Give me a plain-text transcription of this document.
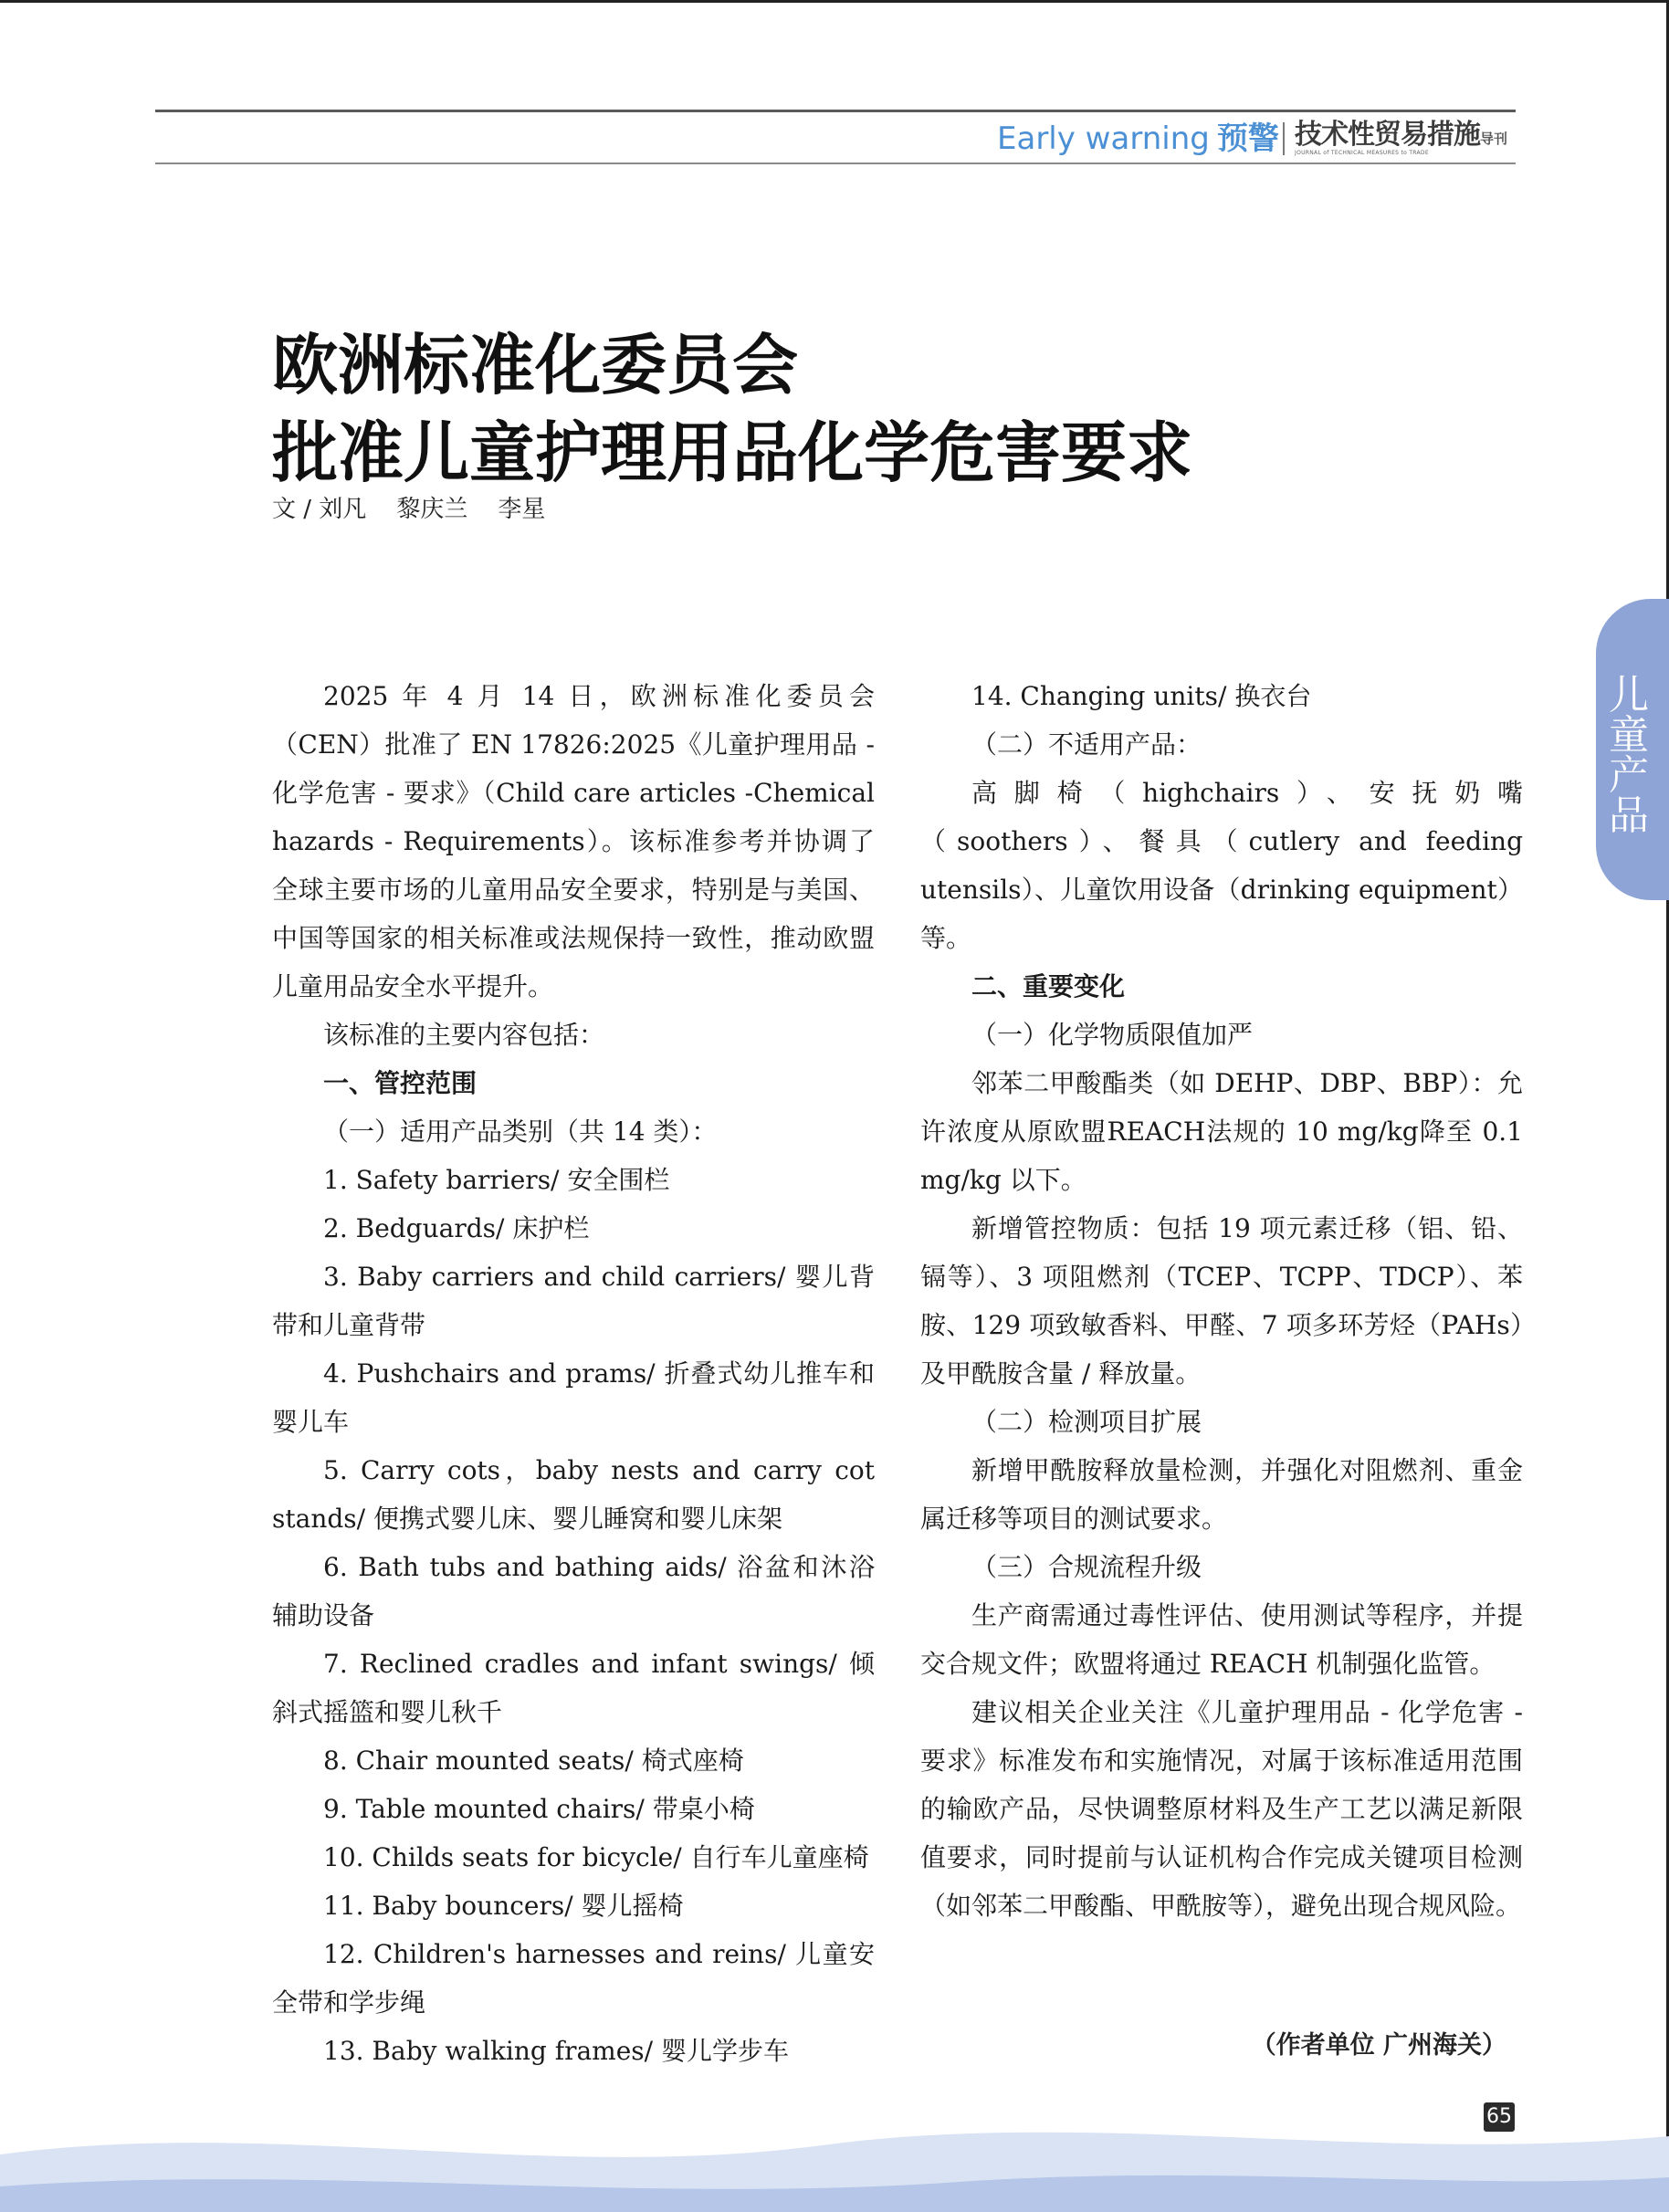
Early warning 预警 技术性贸易措施导刊
JOURNAL of TECHNICAL MEASURES to TRADE
欧洲标准化委员会
批准儿童护理用品化学危害要求
文 / 刘凡    黎庆兰    李星

2025 年 4 月 14 日，欧洲标准化委员会（CEN）批准了 EN 17826:2025《儿童护理用品 - 化学危害 - 要求》（Child care articles -Chemical hazards - Requirements）。该标准参考并协调了全球主要市场的儿童用品安全要求，特别是与美国、中国等国家的相关标准或法规保持一致性，推动欧盟儿童用品安全水平提升。

该标准的主要内容包括：

一、管控范围

（一）适用产品类别（共 14 类）：

1. Safety barriers/ 安全围栏

2. Bedguards/ 床护栏

3. Baby carriers and child carriers/ 婴儿背带和儿童背带

4. Pushchairs and prams/ 折叠式幼儿推车和婴儿车

5. Carry cots，baby nests and carry cot stands/ 便携式婴儿床、婴儿睡窝和婴儿床架

6. Bath tubs and bathing aids/ 浴盆和沐浴辅助设备

7. Reclined cradles and infant swings/ 倾斜式摇篮和婴儿秋千

8. Chair mounted seats/ 椅式座椅

9. Table mounted chairs/ 带桌小椅

10. Childs seats for bicycle/ 自行车儿童座椅

11. Baby bouncers/ 婴儿摇椅

12. Children's harnesses and reins/ 儿童安全带和学步绳

13. Baby walking frames/ 婴儿学步车

14. Changing units/ 换衣台

（二）不适用产品：

高脚椅（highchairs）、安抚奶嘴（soothers）、餐具（cutlery and feeding utensils）、儿童饮用设备（drinking equipment）等。

二、重要变化

（一）化学物质限值加严

邻苯二甲酸酯类（如 DEHP、DBP、BBP）：允许浓度从原欧盟REACH法规的 10 mg/kg降至 0.1 mg/kg 以下。

新增管控物质：包括 19 项元素迁移（铝、铅、镉等）、3 项阻燃剂（TCEP、TCPP、TDCP）、苯胺、129 项致敏香料、甲醛、7 项多环芳烃（PAHs）及甲酰胺含量 / 释放量。

（二）检测项目扩展

新增甲酰胺释放量检测，并强化对阻燃剂、重金属迁移等项目的测试要求。

（三）合规流程升级

生产商需通过毒性评估、使用测试等程序，并提交合规文件；欧盟将通过 REACH 机制强化监管。

建议相关企业关注《儿童护理用品 - 化学危害 - 要求》标准发布和实施情况，对属于该标准适用范围的输欧产品，尽快调整原材料及生产工艺以满足新限值要求，同时提前与认证机构合作完成关键项目检测（如邻苯二甲酸酯、甲酰胺等），避免出现合规风险。

（作者单位 广州海关）
儿
童
产
品
65
